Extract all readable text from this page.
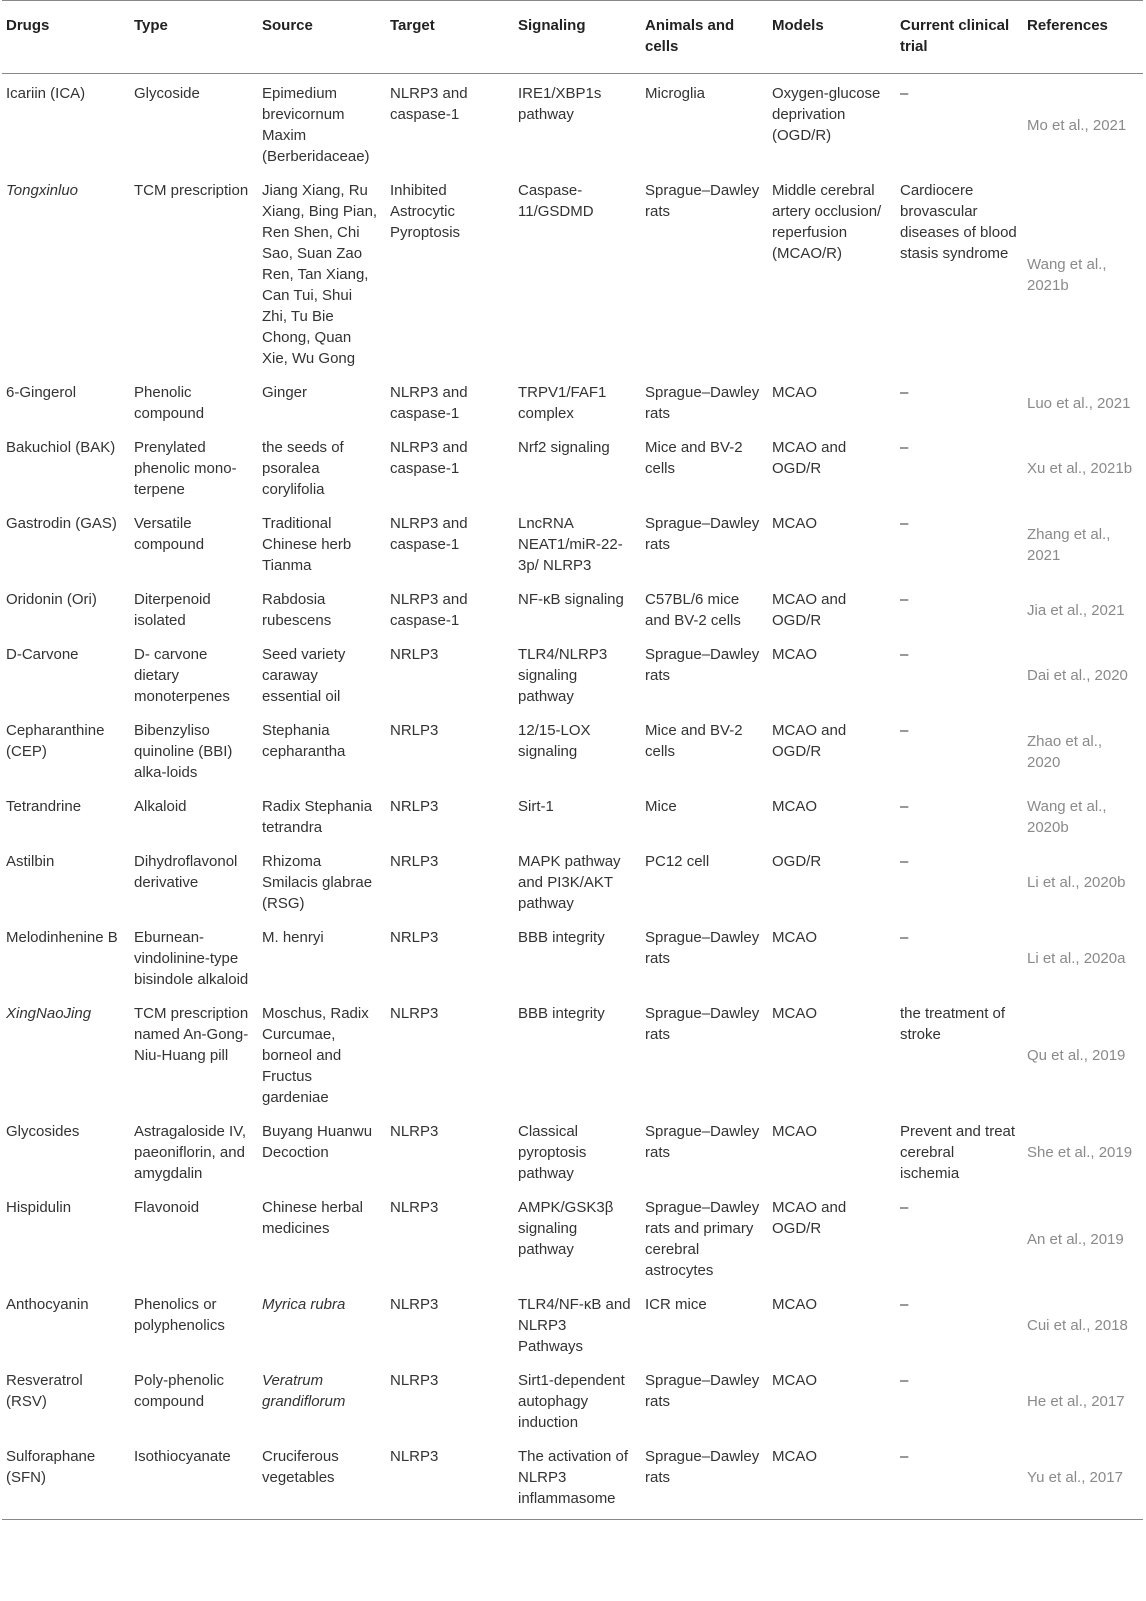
Drugs	Type	Source	Target	Signaling	Animals and cells	Models	Current clinical trial	References
Icariin (ICA)	Glycoside	Epimedium brevicornum Maxim (Berberidaceae)	NLRP3 and caspase-1	IRE1/XBP1s pathway	Microglia	Oxygen-glucose deprivation (OGD/R)	–	Mo et al., 2021
Tongxinluo	TCM prescription	Jiang Xiang, Ru Xiang, Bing Pian, Ren Shen, Chi Sao, Suan Zao Ren, Tan Xiang, Can Tui, Shui Zhi, Tu Bie Chong, Quan Xie, Wu Gong	Inhibited Astrocytic Pyroptosis	Caspase-11/GSDMD	Sprague–Dawley rats	Middle cerebral artery occlusion/ reperfusion (MCAO/R)	Cardiocere brovascular diseases of blood stasis syndrome	Wang et al., 2021b
6-Gingerol	Phenolic compound	Ginger	NLRP3 and caspase-1	TRPV1/FAF1 complex	Sprague–Dawley rats	MCAO	–	Luo et al., 2021
Bakuchiol (BAK)	Prenylated phenolic mono-terpene	the seeds of psoralea corylifolia	NLRP3 and caspase-1	Nrf2 signaling	Mice and BV-2 cells	MCAO and OGD/R	–	Xu et al., 2021b
Gastrodin (GAS)	Versatile compound	Traditional Chinese herb Tianma	NLRP3 and caspase-1	LncRNA NEAT1/miR-22-3p/ NLRP3	Sprague–Dawley rats	MCAO	–	Zhang et al., 2021
Oridonin (Ori)	Diterpenoid isolated	Rabdosia rubescens	NLRP3 and caspase-1	NF-κB signaling	C57BL/6 mice and BV-2 cells	MCAO and OGD/R	–	Jia et al., 2021
D-Carvone	D- carvone dietary monoterpenes	Seed variety caraway essential oil	NRLP3	TLR4/NLRP3 signaling pathway	Sprague–Dawley rats	MCAO	–	Dai et al., 2020
Cepharanthine (CEP)	Bibenzyliso quinoline (BBI) alka-loids	Stephania cepharantha	NRLP3	12/15-LOX signaling	Mice and BV-2 cells	MCAO and OGD/R	–	Zhao et al., 2020
Tetrandrine	Alkaloid	Radix Stephania tetrandra	NRLP3	Sirt-1	Mice	MCAO	–	Wang et al., 2020b
Astilbin	Dihydroflavonol derivative	Rhizoma Smilacis glabrae (RSG)	NRLP3	MAPK pathway and PI3K/AKT pathway	PC12 cell	OGD/R	–	Li et al., 2020b
Melodinhenine B	Eburnean-vindolinine-type bisindole alkaloid	M. henryi	NRLP3	BBB integrity	Sprague–Dawley rats	MCAO	–	Li et al., 2020a
XingNaoJing	TCM prescription named An-Gong-Niu-Huang pill	Moschus, Radix Curcumae, borneol and Fructus gardeniae	NLRP3	BBB integrity	Sprague–Dawley rats	MCAO	the treatment of stroke	Qu et al., 2019
Glycosides	Astragaloside IV, paeoniflorin, and amygdalin	Buyang Huanwu Decoction	NLRP3	Classical pyroptosis pathway	Sprague–Dawley rats	MCAO	Prevent and treat cerebral ischemia	She et al., 2019
Hispidulin	Flavonoid	Chinese herbal medicines	NLRP3	AMPK/GSK3β signaling pathway	Sprague–Dawley rats and primary cerebral astrocytes	MCAO and OGD/R	–	An et al., 2019
Anthocyanin	Phenolics or polyphenolics	Myrica rubra	NLRP3	TLR4/NF-κB and NLRP3 Pathways	ICR mice	MCAO	–	Cui et al., 2018
Resveratrol (RSV)	Poly-phenolic compound	Veratrum grandiflorum	NLRP3	Sirt1-dependent autophagy induction	Sprague–Dawley rats	MCAO	–	He et al., 2017
Sulforaphane (SFN)	Isothiocyanate	Cruciferous vegetables	NLRP3	The activation of NLRP3 inflammasome	Sprague–Dawley rats	MCAO	–	Yu et al., 2017
